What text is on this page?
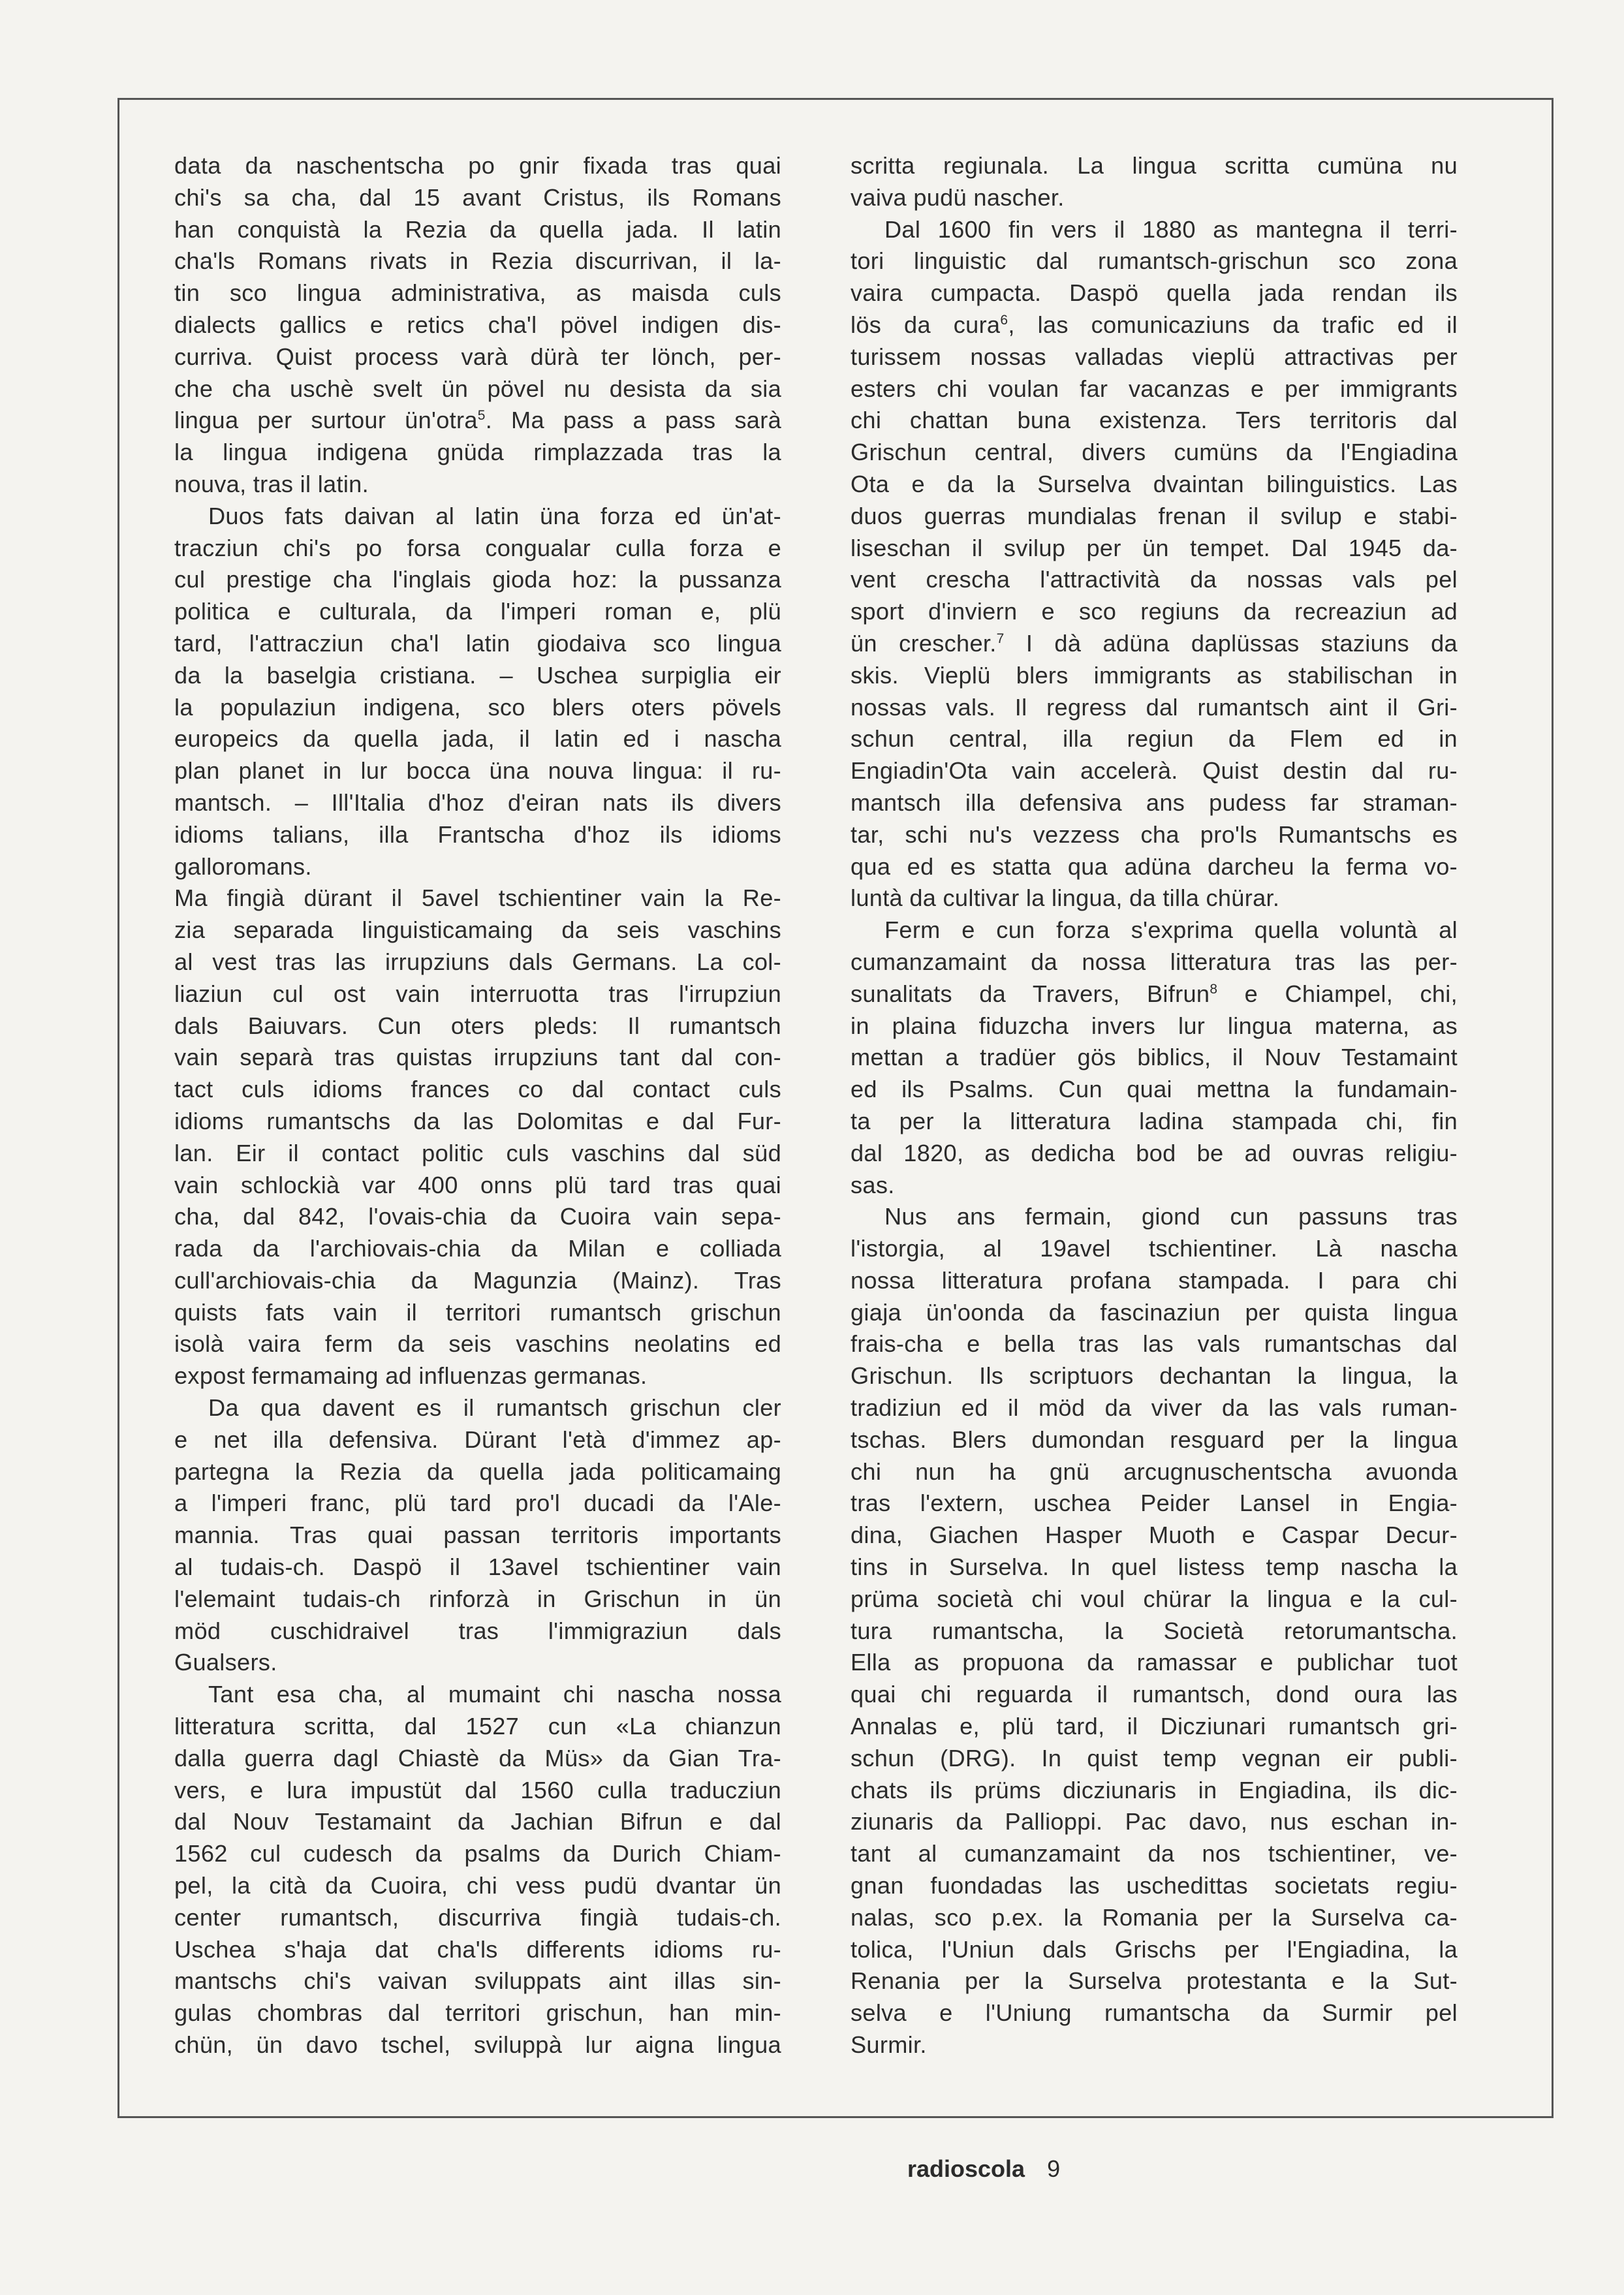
data da naschentscha po gnir fixada tras quai
chi's sa cha, dal 15 avant Cristus, ils Romans
han conquistà la Rezia da quella jada. Il latin
cha'ls Romans rivats in Rezia discurrivan, il la-
tin sco lingua administrativa, as maisda culs
dialects gallics e retics cha'l pövel indigen dis-
curriva. Quist process varà dürà ter lönch, per-
che cha uschè svelt ün pövel nu desista da sia
lingua per surtour ün'otra$^5$. Ma pass a pass sarà
la lingua indigena gnüda rimplazzada tras la
nouva, tras il latin.
Duos fats daivan al latin üna forza ed ün'at-
tracziun chi's po forsa congualar culla forza e
cul prestige cha l'inglais gioda hoz: la pussanza
politica e culturala, da l'imperi roman e, plü
tard, l'attracziun cha'l latin giodaiva sco lingua
da la baselgia cristiana. – Uschea surpiglia eir
la populaziun indigena, sco blers oters pövels
europeics da quella jada, il latin ed i nascha
plan planet in lur bocca üna nouva lingua: il ru-
mantsch. – Ill'Italia d'hoz d'eiran nats ils divers
idioms talians, illa Frantscha d'hoz ils idioms
galloromans.
Ma fingià dürant il 5avel tschientiner vain la Re-
zia separada linguisticamaing da seis vaschins
al vest tras las irrupziuns dals Germans. La col-
liaziun cul ost vain interruotta tras l'irrupziun
dals Baiuvars. Cun oters pleds: Il rumantsch
vain separà tras quistas irrupziuns tant dal con-
tact culs idioms frances co dal contact culs
idioms rumantschs da las Dolomitas e dal Fur-
lan. Eir il contact politic culs vaschins dal süd
vain schlockià var 400 onns plü tard tras quai
cha, dal 842, l'ovais-chia da Cuoira vain sepa-
rada da l'archiovais-chia da Milan e colliada
cull'archiovais-chia da Magunzia (Mainz). Tras
quists fats vain il territori rumantsch grischun
isolà vaira ferm da seis vaschins neolatins ed
expost fermamaing ad influenzas germanas.
Da qua davent es il rumantsch grischun cler
e net illa defensiva. Dürant l'età d'immez ap-
partegna la Rezia da quella jada politicamaing
a l'imperi franc, plü tard pro'l ducadi da l'Ale-
mannia. Tras quai passan territoris importants
al tudais-ch. Daspö il 13avel tschientiner vain
l'elemaint tudais-ch rinforzà in Grischun in ün
möd cuschidraivel tras l'immigraziun dals
Gualsers.
Tant esa cha, al mumaint chi nascha nossa
litteratura scritta, dal 1527 cun «La chianzun
dalla guerra dagl Chiastè da Müs» da Gian Tra-
vers, e lura impustüt dal 1560 culla traducziun
dal Nouv Testamaint da Jachian Bifrun e dal
1562 cul cudesch da psalms da Durich Chiam-
pel, la cità da Cuoira, chi vess pudü dvantar ün
center rumantsch, discurriva fingià tudais-ch.
Uschea s'haja dat cha'ls differents idioms ru-
mantschs chi's vaivan sviluppats aint illas sin-
gulas chombras dal territori grischun, han min-
chün, ün davo tschel, sviluppà lur aigna lingua
scritta regiunala. La lingua scritta cumüna nu
vaiva pudü nascher.
Dal 1600 fin vers il 1880 as mantegna il terri-
tori linguistic dal rumantsch-grischun sco zona
vaira cumpacta. Daspö quella jada rendan ils
lös da cura$^6$, las comunicaziuns da trafic ed il
turissem nossas valladas vieplü attractivas per
esters chi voulan far vacanzas e per immigrants
chi chattan buna existenza. Ters territoris dal
Grischun central, divers cumüns da l'Engiadina
Ota e da la Surselva dvaintan bilinguistics. Las
duos guerras mundialas frenan il svilup e stabi-
liseschan il svilup per ün tempet. Dal 1945 da-
vent crescha l'attractività da nossas vals pel
sport d'inviern e sco regiuns da recreaziun ad
ün crescher.$^7$ I dà adüna daplüssas staziuns da
skis. Vieplü blers immigrants as stabilischan in
nossas vals. Il regress dal rumantsch aint il Gri-
schun central, illa regiun da Flem ed in
Engiadin'Ota vain accelerà. Quist destin dal ru-
mantsch illa defensiva ans pudess far straman-
tar, schi nu's vezzess cha pro'ls Rumantschs es
qua ed es statta qua adüna darcheu la ferma vo-
luntà da cultivar la lingua, da tilla chürar.
Ferm e cun forza s'exprima quella voluntà al
cumanzamaint da nossa litteratura tras las per-
sunalitats da Travers, Bifrun$^8$ e Chiampel, chi,
in plaina fiduzcha invers lur lingua materna, as
mettan a tradüer gös biblics, il Nouv Testamaint
ed ils Psalms. Cun quai mettna la fundamain-
ta per la litteratura ladina stampada chi, fin
dal 1820, as dedicha bod be ad ouvras religiu-
sas.
Nus ans fermain, giond cun passuns tras
l'istorgia, al 19avel tschientiner. Là nascha
nossa litteratura profana stampada. I para chi
giaja ün'oonda da fascinaziun per quista lingua
frais-cha e bella tras las vals rumantschas dal
Grischun. Ils scriptuors dechantan la lingua, la
tradiziun ed il möd da viver da las vals ruman-
tschas. Blers dumondan resguard per la lingua
chi nun ha gnü arcugnuschentscha avuonda
tras l'extern, uschea Peider Lansel in Engia-
dina, Giachen Hasper Muoth e Caspar Decur-
tins in Surselva. In quel listess temp nascha la
prüma società chi voul chürar la lingua e la cul-
tura rumantscha, la Società retorumantscha.
Ella as propuona da ramassar e publichar tuot
quai chi reguarda il rumantsch, dond oura las
Annalas e, plü tard, il Dicziunari rumantsch gri-
schun (DRG). In quist temp vegnan eir publi-
chats ils prüms dicziunaris in Engiadina, ils dic-
ziunaris da Pallioppi. Pac davo, nus eschan in-
tant al cumanzamaint da nos tschientiner, ve-
gnan fuondadas las uschedittas societats regiu-
nalas, sco p.ex. la Romania per la Surselva ca-
tolica, l'Uniun dals Grischs per l'Engiadina, la
Renania per la Surselva protestanta e la Sut-
selva e l'Uniung rumantscha da Surmir pel
Surmir.
radioscola 9
